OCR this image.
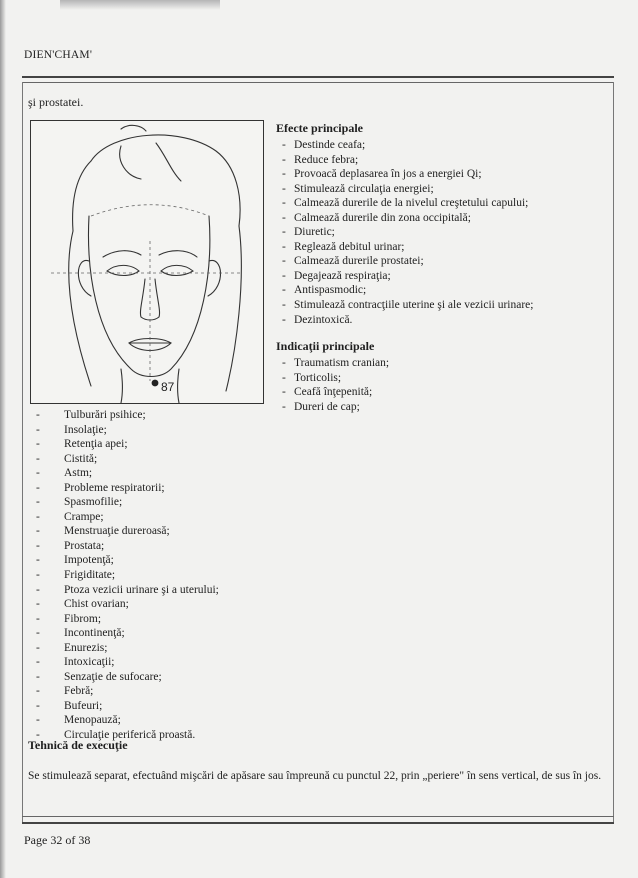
DIEN'CHAM'
şi prostatei.
87
Efecte principale
- Destinde ceafa;
- Reduce febra;
- Provoacă deplasarea în jos a energiei Qi;
- Stimulează circulaţia energiei;
- Calmează durerile de la nivelul creştetului capului;
- Calmează durerile din zona occipitală;
- Diuretic;
- Reglează debitul urinar;
- Calmează durerile prostatei;
- Degajează respiraţia;
- Antispasmodic;
- Stimulează contracţiile uterine şi ale vezicii urinare;
- Dezintoxică.
Indicaţii principale
- Traumatism cranian;
- Torticolis;
- Ceafă înţepenită;
- Dureri de cap;
- Tulburări psihice;
- Insolaţie;
- Retenţia apei;
- Cistită;
- Astm;
- Probleme respiratorii;
- Spasmofilie;
- Crampe;
- Menstruaţie dureroasă;
- Prostata;
- Impotenţă;
- Frigiditate;
- Ptoza vezicii urinare şi a uterului;
- Chist ovarian;
- Fibrom;
- Incontinenţă;
- Enurezis;
- Intoxicaţii;
- Senzaţie de sufocare;
- Febră;
- Bufeuri;
- Menopauză;
- Circulaţie periferică proastă.
Tehnică de execuţie
Se stimulează separat, efectuând mişcări de apăsare sau împreună cu punctul 22, prin „periere" în sens vertical, de sus în jos.
Page 32 of 38
